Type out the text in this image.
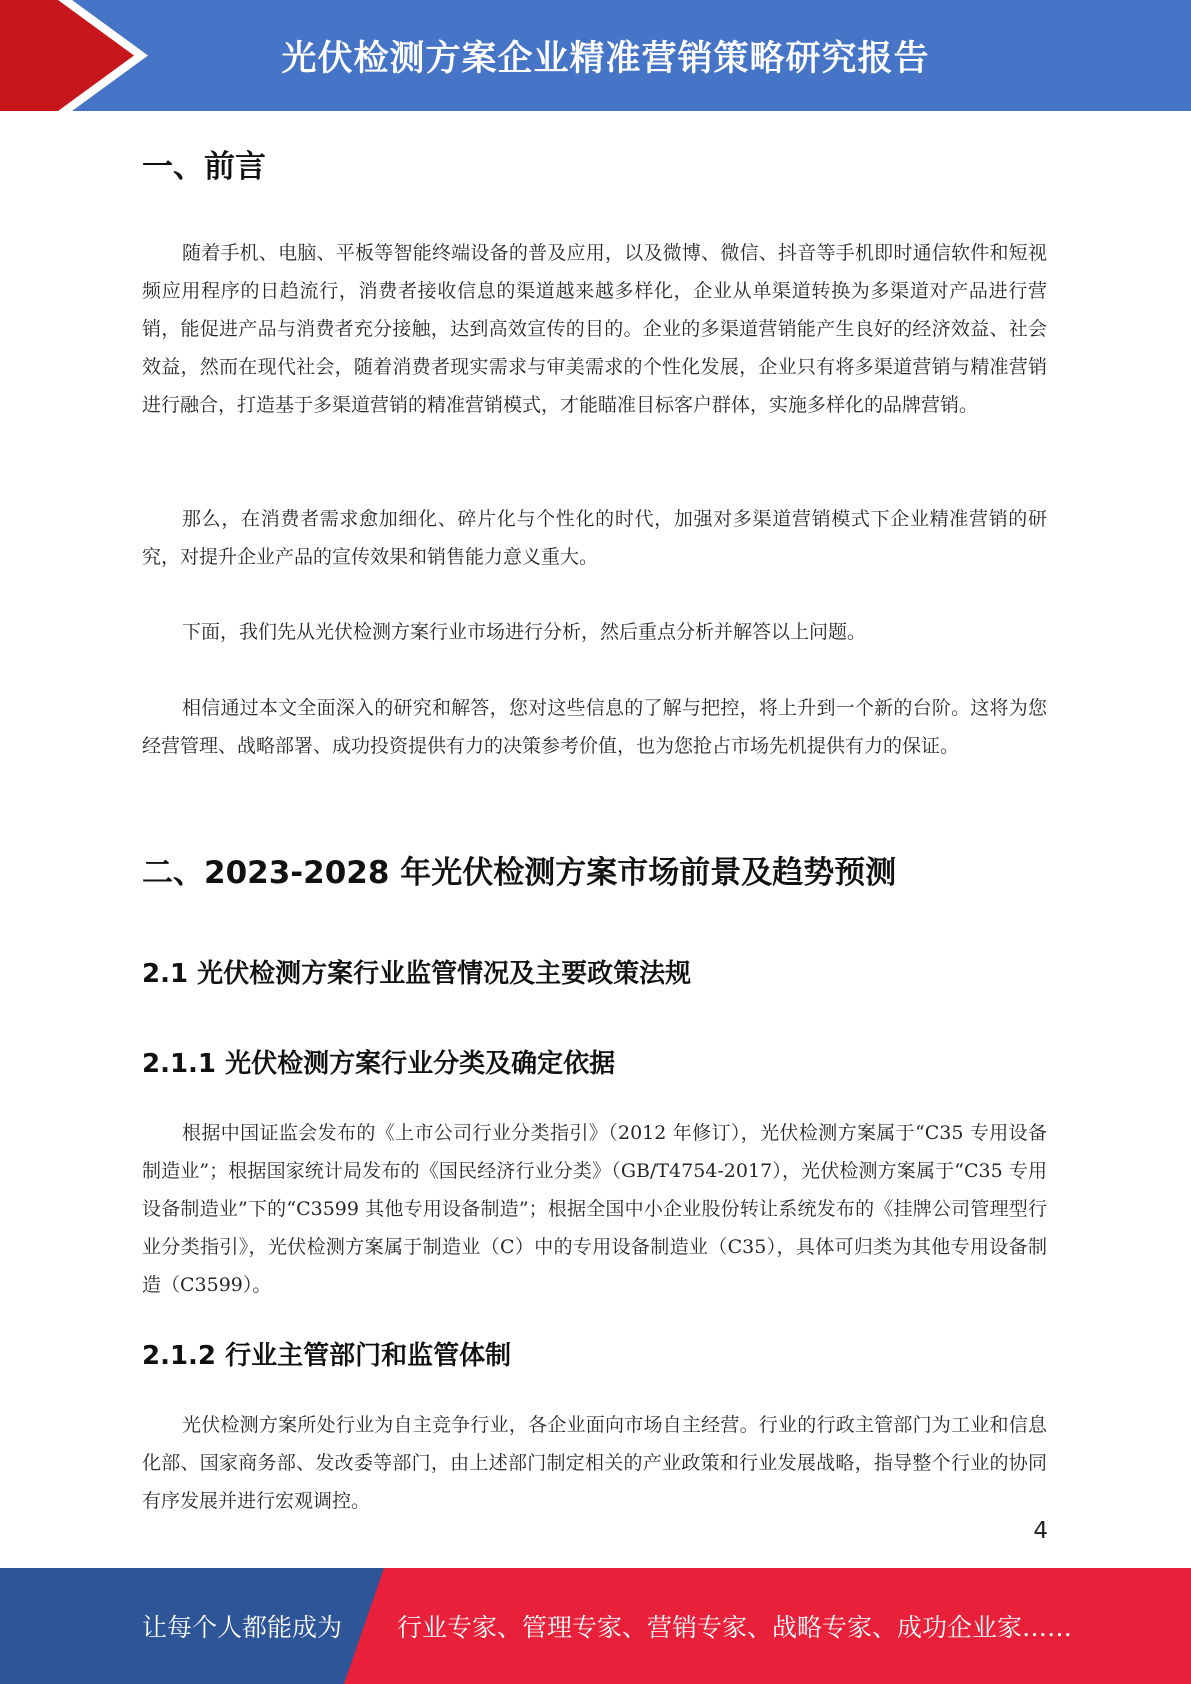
光伏检测方案企业精准营销策略研究报告
一、前言

随着手机、电脑、平板等智能终端设备的普及应用，以及微博、微信、抖音等手机即时通信软件和短视频应用程序的日趋流行，消费者接收信息的渠道越来越多样化，企业从单渠道转换为多渠道对产品进行营销，能促进产品与消费者充分接触，达到高效宣传的目的。企业的多渠道营销能产生良好的经济效益、社会效益，然而在现代社会，随着消费者现实需求与审美需求的个性化发展，企业只有将多渠道营销与精准营销进行融合，打造基于多渠道营销的精准营销模式，才能瞄准目标客户群体，实施多样化的品牌营销。

那么，在消费者需求愈加细化、碎片化与个性化的时代，加强对多渠道营销模式下企业精准营销的研究，对提升企业产品的宣传效果和销售能力意义重大。

下面，我们先从光伏检测方案行业市场进行分析，然后重点分析并解答以上问题。

相信通过本文全面深入的研究和解答，您对这些信息的了解与把控，将上升到一个新的台阶。这将为您经营管理、战略部署、成功投资提供有力的决策参考价值，也为您抢占市场先机提供有力的保证。

二、2023-2028 年光伏检测方案市场前景及趋势预测
2.1 光伏检测方案行业监管情况及主要政策法规
2.1.1 光伏检测方案行业分类及确定依据

根据中国证监会发布的《上市公司行业分类指引》（2012 年修订），光伏检测方案属于“C35 专用设备制造业”；根据国家统计局发布的《国民经济行业分类》（GB/T4754-2017），光伏检测方案属于“C35 专用设备制造业”下的“C3599 其他专用设备制造”；根据全国中小企业股份转让系统发布的《挂牌公司管理型行业分类指引》，光伏检测方案属于制造业（C）中的专用设备制造业（C35），具体可归类为其他专用设备制造（C3599）。

2.1.2 行业主管部门和监管体制

光伏检测方案所处行业为自主竞争行业，各企业面向市场自主经营。行业的行政主管部门为工业和信息化部、国家商务部、发改委等部门，由上述部门制定相关的产业政策和行业发展战略，指导整个行业的协同有序发展并进行宏观调控。

4
让每个人都能成为 行业专家、管理专家、营销专家、战略专家、成功企业家……
